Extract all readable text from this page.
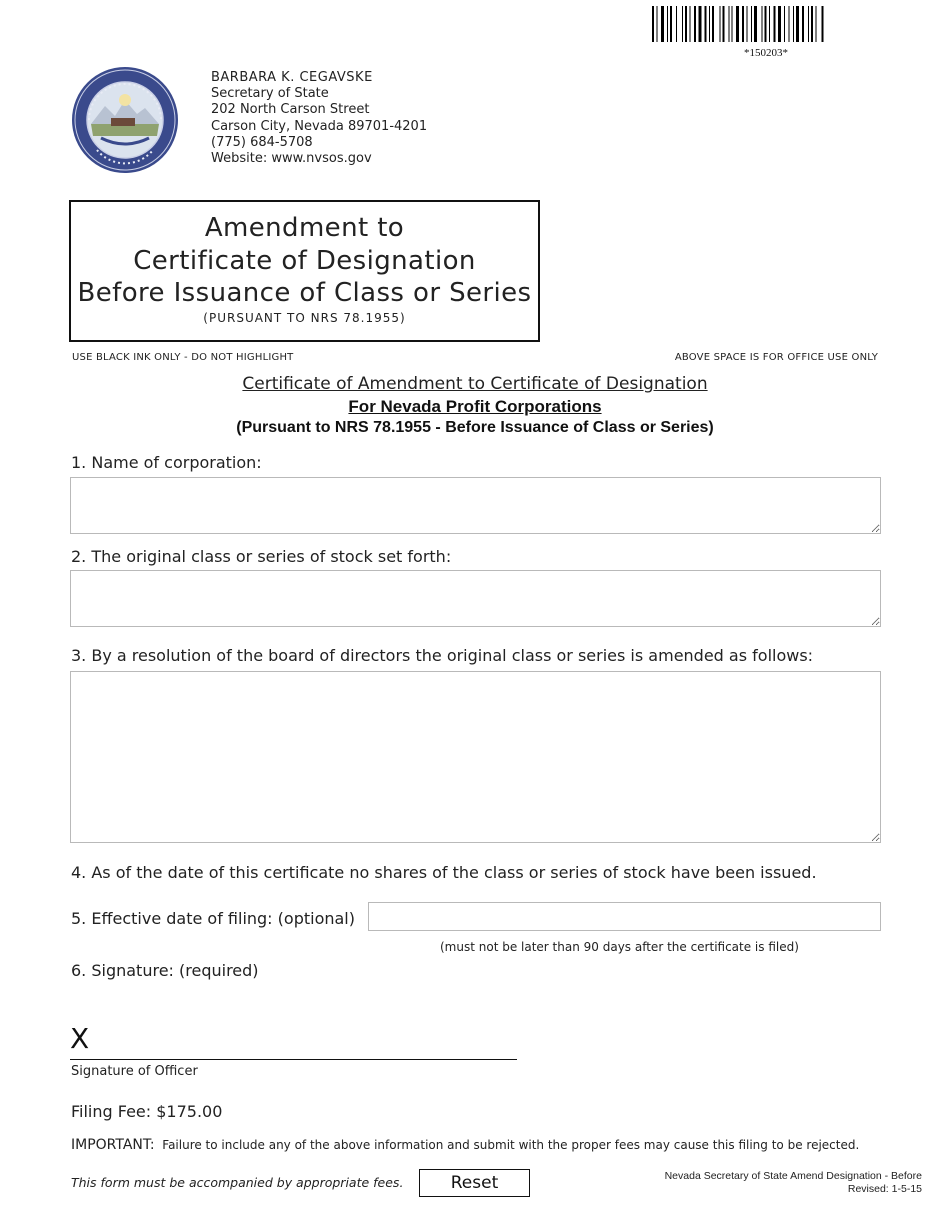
*150203*
BARBARA K. CEGAVSKE
Secretary of State
202 North Carson Street
Carson City, Nevada 89701-4201
(775) 684-5708
Website: www.nvsos.gov
Amendment to
Certificate of Designation
Before Issuance of Class or Series
(PURSUANT TO NRS 78.1955)
USE BLACK INK ONLY - DO NOT HIGHLIGHT	ABOVE SPACE IS FOR OFFICE USE ONLY
Certificate of Amendment to Certificate of Designation
For Nevada Profit Corporations
(Pursuant to NRS 78.1955 - Before Issuance of Class or Series)
1. Name of corporation:
2. The original class or series of stock set forth:
3. By a resolution of the board of directors the original class or series is amended as follows:
4. As of the date of this certificate no shares of the class or series of stock have been issued.
5. Effective date of filing: (optional)
(must not be later than 90 days after the certificate is filed)
6. Signature: (required)
X
Signature of Officer
Filing Fee: $175.00
IMPORTANT: Failure to include any of the above information and submit with the proper fees may cause this filing to be rejected.
This form must be accompanied by appropriate fees.	Reset	Nevada Secretary of State Amend Designation - Before
Revised: 1-5-15
